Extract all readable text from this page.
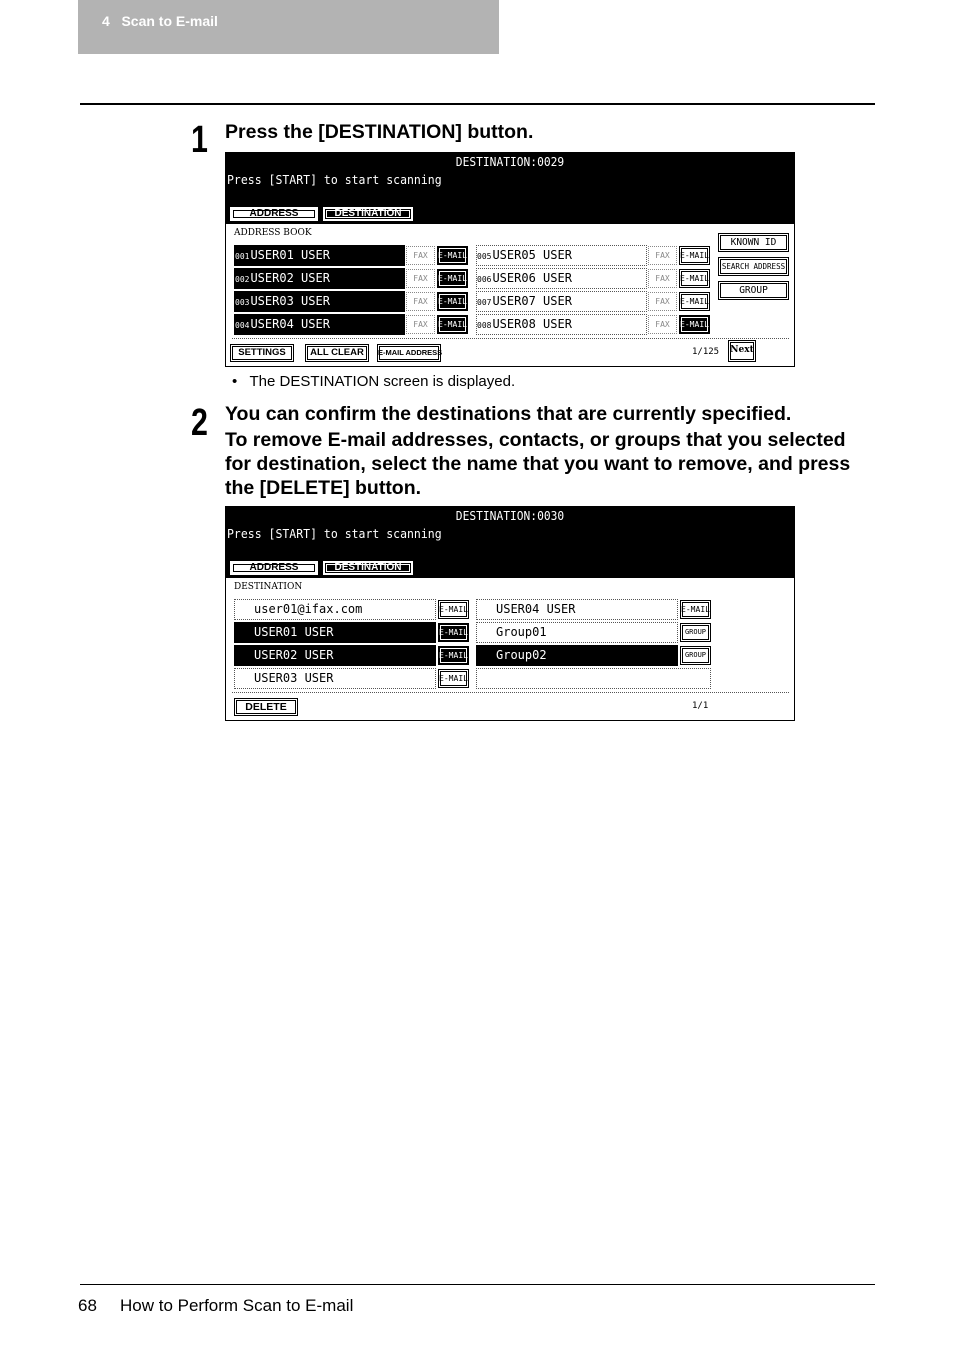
4   Scan to E-mail
1 Press the [DESTINATION] button.
DESTINATION:0029
Press [START] to start scanning
ADDRESS	DESTINATION
ADDRESS BOOK
001USER01 USER	FAX	E-MAIL
002USER02 USER	FAX	E-MAIL
003USER03 USER	FAX	E-MAIL
004USER04 USER	FAX	E-MAIL
005USER05 USER	FAX	E-MAIL
006USER06 USER	FAX	E-MAIL
007USER07 USER	FAX	E-MAIL
008USER08 USER	FAX	E-MAIL
KNOWN ID
SEARCH ADDRESS
GROUP
SETTINGS	ALL CLEAR	E-MAIL ADDRESS	1/125 Next
•   The DESTINATION screen is displayed.
2 You can confirm the destinations that are currently specified.
To remove E-mail addresses, contacts, or groups that you selected
for destination, select the name that you want to remove, and press
the [DELETE] button.
DESTINATION:0030
Press [START] to start scanning
ADDRESS	DESTINATION
DESTINATION
user01@ifax.com	E-MAIL
USER01 USER	E-MAIL
USER02 USER	E-MAIL
USER03 USER	E-MAIL
USER04 USER	E-MAIL
Group01	GROUP
Group02	GROUP
DELETE	1/1
68 How to Perform Scan to E-mail
